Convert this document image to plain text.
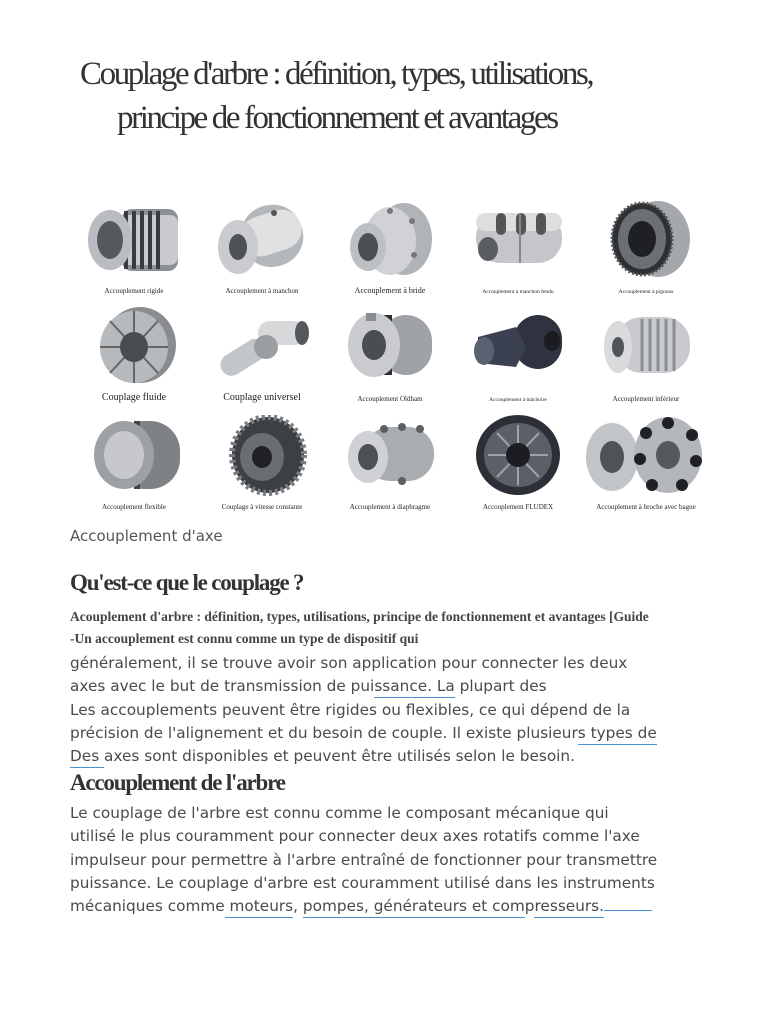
Couplage d'arbre : définition, types, utilisations,
principe de fonctionnement et avantages
Accouplement rigide	Accouplement à manchon	Accouplement à bride	Accouplement à manchon fendu	Accouplement à pignons
Couplage fluide	Couplage universel	Accouplement Oldham	Accouplement à mâchoire	Accouplement inférieur
Accouplement flexible	Couplage à vitesse constante	Accouplement à diaphragme	Accouplement FLUDEX	Accouplement à broche avec bague
Accouplement d'axe
Qu'est-ce que le couplage ?
Acouplement d'arbre : définition, types, utilisations, principe de fonctionnement et avantages [Guide
-Un accouplement est connu comme un type de dispositif qui
généralement, il se trouve avoir son application pour connecter les deux
axes avec le but de transmission de puissance. La plupart des
Les accouplements peuvent être rigides ou flexibles, ce qui dépend de la
précision de l'alignement et du besoin de couple. Il existe plusieurs types de
Des axes sont disponibles et peuvent être utilisés selon le besoin.
Accouplement de l'arbre
Le couplage de l'arbre est connu comme le composant mécanique qui
utilisé le plus couramment pour connecter deux axes rotatifs comme l'axe
impulseur pour permettre à l'arbre entraîné de fonctionner pour transmettre
puissance. Le couplage d'arbre est couramment utilisé dans les instruments
mécaniques comme moteurs, pompes, générateurs et compresseurs.
